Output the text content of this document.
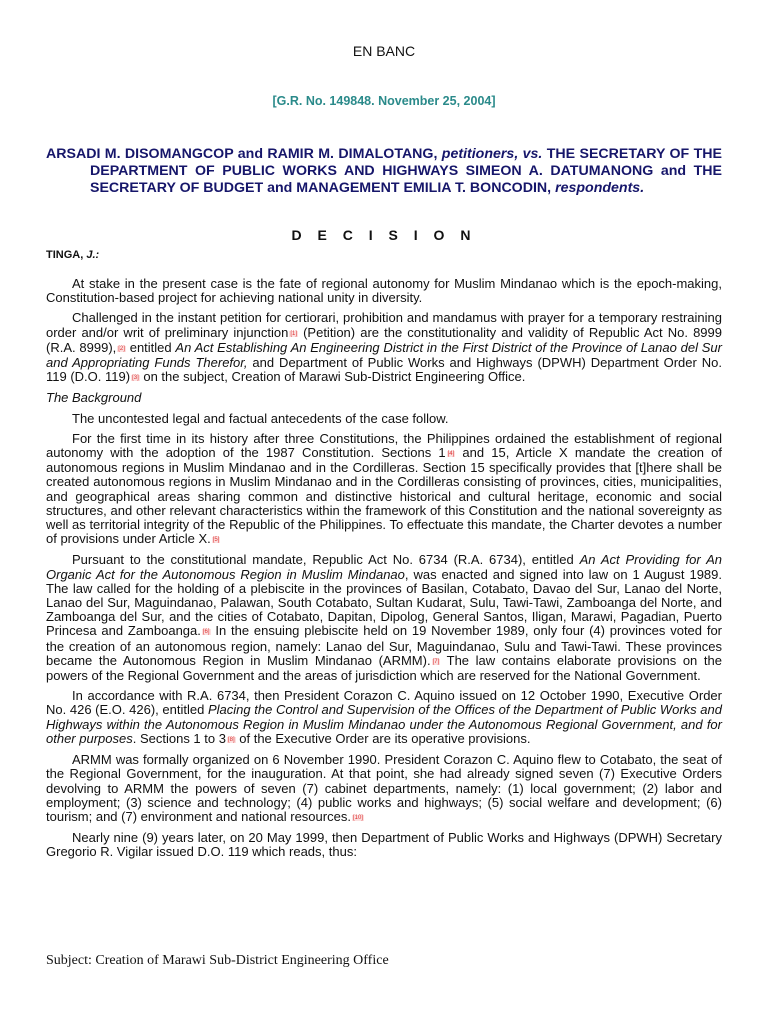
EN BANC
[G.R. No. 149848. November 25, 2004]
ARSADI M. DISOMANGCOP and RAMIR M. DIMALOTANG, petitioners, vs. THE SECRETARY OF THE DEPARTMENT OF PUBLIC WORKS AND HIGHWAYS SIMEON A. DATUMANONG and THE SECRETARY OF BUDGET and MANAGEMENT EMILIA T. BONCODIN, respondents.
D E C I S I O N
TINGA, J.:

At stake in the present case is the fate of regional autonomy for Muslim Mindanao which is the epoch-making, Constitution-based project for achieving national unity in diversity.

Challenged in the instant petition for certiorari, prohibition and mandamus with prayer for a temporary restraining order and/or writ of preliminary injunction [1] (Petition) are the constitutionality and validity of Republic Act No. 8999 (R.A. 8999), [2] entitled An Act Establishing An Engineering District in the First District of the Province of Lanao del Sur and Appropriating Funds Therefor, and Department of Public Works and Highways (DPWH) Department Order No. 119 (D.O. 119) [3] on the subject, Creation of Marawi Sub-District Engineering Office.

The Background

The uncontested legal and factual antecedents of the case follow.

For the first time in its history after three Constitutions, the Philippines ordained the establishment of regional autonomy with the adoption of the 1987 Constitution. Sections 1 [4] and 15, Article X mandate the creation of autonomous regions in Muslim Mindanao and in the Cordilleras. Section 15 specifically provides that [t]here shall be created autonomous regions in Muslim Mindanao and in the Cordilleras consisting of provinces, cities, municipalities, and geographical areas sharing common and distinctive historical and cultural heritage, economic and social structures, and other relevant characteristics within the framework of this Constitution and the national sovereignty as well as territorial integrity of the Republic of the Philippines. To effectuate this mandate, the Charter devotes a number of provisions under Article X. [5]

Pursuant to the constitutional mandate, Republic Act No. 6734 (R.A. 6734), entitled An Act Providing for An Organic Act for the Autonomous Region in Muslim Mindanao, was enacted and signed into law on 1 August 1989. The law called for the holding of a plebiscite in the provinces of Basilan, Cotabato, Davao del Sur, Lanao del Norte, Lanao del Sur, Maguindanao, Palawan, South Cotabato, Sultan Kudarat, Sulu, Tawi-Tawi, Zamboanga del Norte, and Zamboanga del Sur, and the cities of Cotabato, Dapitan, Dipolog, General Santos, Iligan, Marawi, Pagadian, Puerto Princesa and Zamboanga. [6] In the ensuing plebiscite held on 19 November 1989, only four (4) provinces voted for the creation of an autonomous region, namely: Lanao del Sur, Maguindanao, Sulu and Tawi-Tawi. These provinces became the Autonomous Region in Muslim Mindanao (ARMM). [7] The law contains elaborate provisions on the powers of the Regional Government and the areas of jurisdiction which are reserved for the National Government.

In accordance with R.A. 6734, then President Corazon C. Aquino issued on 12 October 1990, Executive Order No. 426 (E.O. 426), entitled Placing the Control and Supervision of the Offices of the Department of Public Works and Highways within the Autonomous Region in Muslim Mindanao under the Autonomous Regional Government, and for other purposes. Sections 1 to 3 [8] of the Executive Order are its operative provisions.

ARMM was formally organized on 6 November 1990. President Corazon C. Aquino flew to Cotabato, the seat of the Regional Government, for the inauguration. At that point, she had already signed seven (7) Executive Orders devolving to ARMM the powers of seven (7) cabinet departments, namely: (1) local government; (2) labor and employment; (3) science and technology; (4) public works and highways; (5) social welfare and development; (6) tourism; and (7) environment and national resources. [10]

Nearly nine (9) years later, on 20 May 1999, then Department of Public Works and Highways (DPWH) Secretary Gregorio R. Vigilar issued D.O. 119 which reads, thus:

Subject: Creation of Marawi Sub-District Engineering Office
